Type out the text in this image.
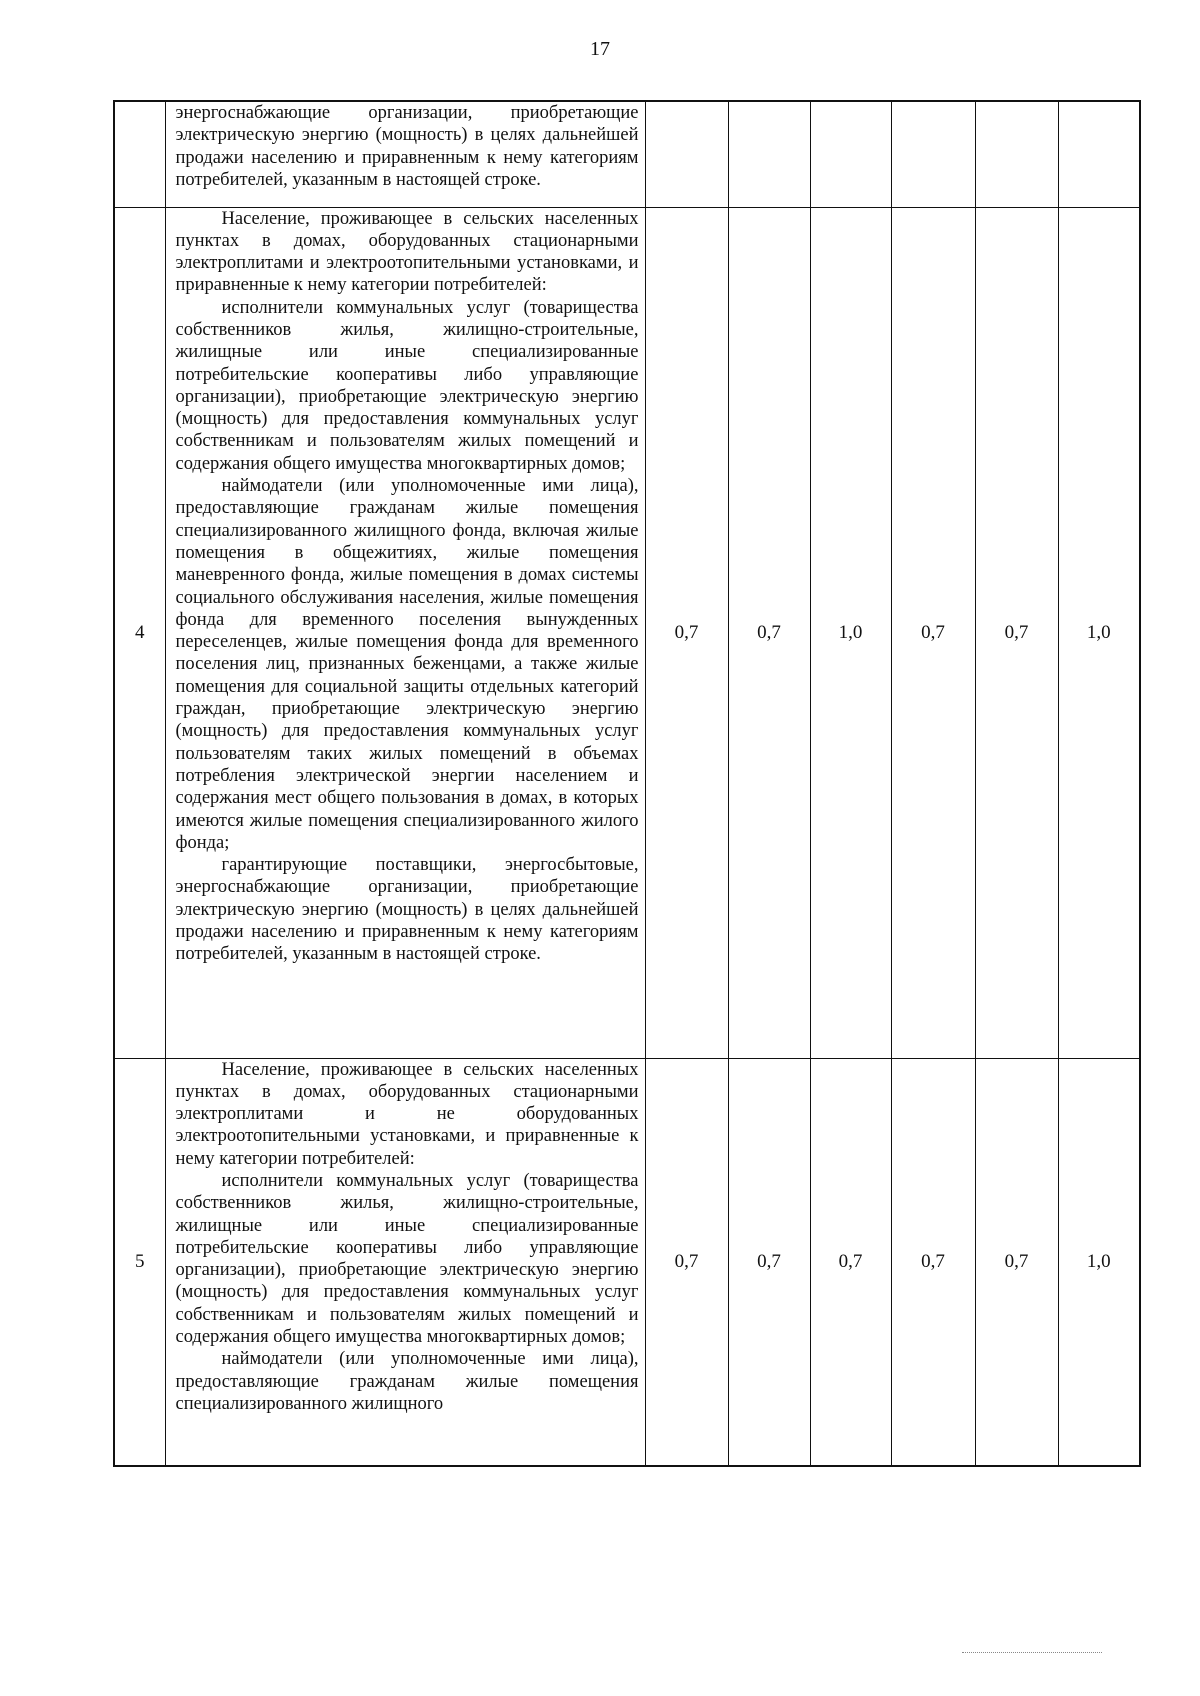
17

	энергоснабжающие организации, приобретающие электрическую энергию (мощность) в целях дальнейшей продажи населению и приравненным к нему категориям потребителей, указанным в настоящей строке.						

4	Население, проживающее в сельских населенных пунктах в домах, оборудованных стационарными электроплитами и электроотопительными установками, и приравненные к нему категории потребителей:

исполнители коммунальных услуг (товарищества собственников жилья, жилищно-строительные, жилищные или иные специализированные потребительские кооперативы либо управляющие организации), приобретающие электрическую энергию (мощность) для предоставления коммунальных услуг собственникам и пользователям жилых помещений и содержания общего имущества многоквартирных домов;

наймодатели (или уполномоченные ими лица), предоставляющие гражданам жилые помещения специализированного жилищного фонда, включая жилые помещения в общежитиях, жилые помещения маневренного фонда, жилые помещения в домах системы социального обслуживания населения, жилые помещения фонда для временного поселения вынужденных переселенцев, жилые помещения фонда для временного поселения лиц, признанных беженцами, а также жилые помещения для социальной защиты отдельных категорий граждан, приобретающие электрическую энергию (мощность) для предоставления коммунальных услуг пользователям таких жилых помещений в объемах потребления электрической энергии населением и содержания мест общего пользования в домах, в которых имеются жилые помещения специализированного жилого фонда;

гарантирующие поставщики, энергосбытовые, энергоснабжающие организации, приобретающие электрическую энергию (мощность) в целях дальнейшей продажи населению и приравненным к нему категориям потребителей, указанным в настоящей строке.	0,7	0,7	1,0	0,7	0,7	1,0
5	Население, проживающее в сельских населенных пунктах в домах, оборудованных стационарными электроплитами и не оборудованных электроотопительными установками, и приравненные к нему категории потребителей:

исполнители коммунальных услуг (товарищества собственников жилья, жилищно-строительные, жилищные или иные специализированные потребительские кооперативы либо управляющие организации), приобретающие электрическую энергию (мощность) для предоставления коммунальных услуг собственникам и пользователям жилых помещений и содержания общего имущества многоквартирных домов;

наймодатели (или уполномоченные ими лица), предоставляющие гражданам жилые помещения специализированного жилищного	0,7	0,7	0,7	0,7	0,7	1,0
